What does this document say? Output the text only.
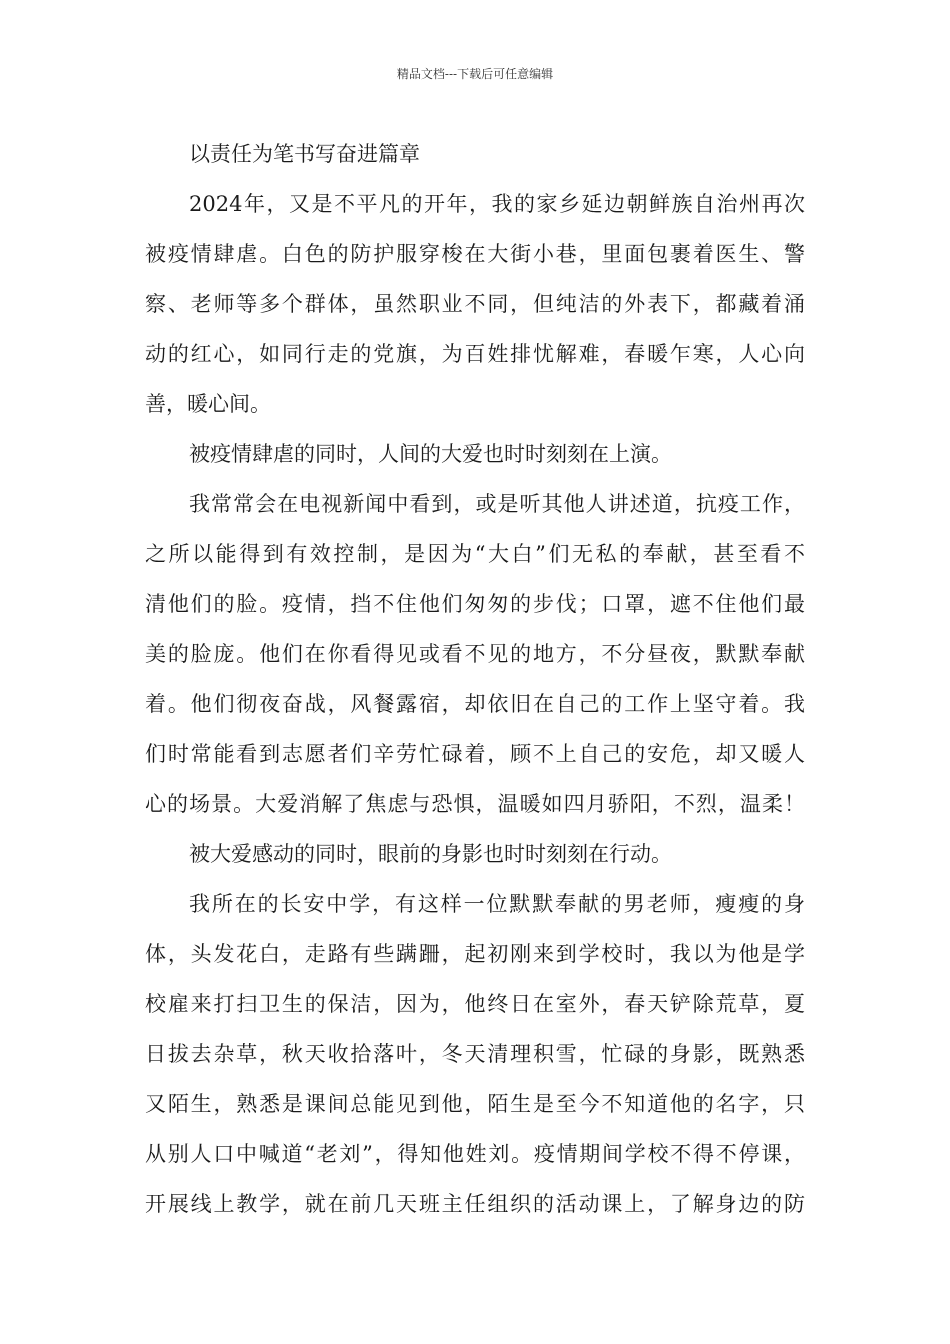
精品文档---下载后可任意编辑
以责任为笔书写奋进篇章
2024年，又是不平凡的开年，我的家乡延边朝鲜族自治州再次
被疫情肆虐。白色的防护服穿梭在大街小巷，里面包裹着医生、警
察、老师等多个群体，虽然职业不同，但纯洁的外表下，都藏着涌
动的红心，如同行走的党旗，为百姓排忧解难，春暖乍寒，人心向
善，暖心间。
被疫情肆虐的同时，人间的大爱也时时刻刻在上演。
我常常会在电视新闻中看到，或是听其他人讲述道，抗疫工作，
之所以能得到有效控制，是因为“大白”们无私的奉献，甚至看不
清他们的脸。疫情，挡不住他们匆匆的步伐；口罩，遮不住他们最
美的脸庞。他们在你看得见或看不见的地方，不分昼夜，默默奉献
着。他们彻夜奋战，风餐露宿，却依旧在自己的工作上坚守着。我
们时常能看到志愿者们辛劳忙碌着，顾不上自己的安危，却又暖人
心的场景。大爱消解了焦虑与恐惧，温暖如四月骄阳，不烈，温柔！
被大爱感动的同时，眼前的身影也时时刻刻在行动。
我所在的长安中学，有这样一位默默奉献的男老师，瘦瘦的身
体，头发花白，走路有些蹒跚，起初刚来到学校时，我以为他是学
校雇来打扫卫生的保洁，因为，他终日在室外，春天铲除荒草，夏
日拔去杂草，秋天收拾落叶，冬天清理积雪，忙碌的身影，既熟悉
又陌生，熟悉是课间总能见到他，陌生是至今不知道他的名字，只
从别人口中喊道“老刘”，得知他姓刘。疫情期间学校不得不停课，
开展线上教学，就在前几天班主任组织的活动课上，了解身边的防
